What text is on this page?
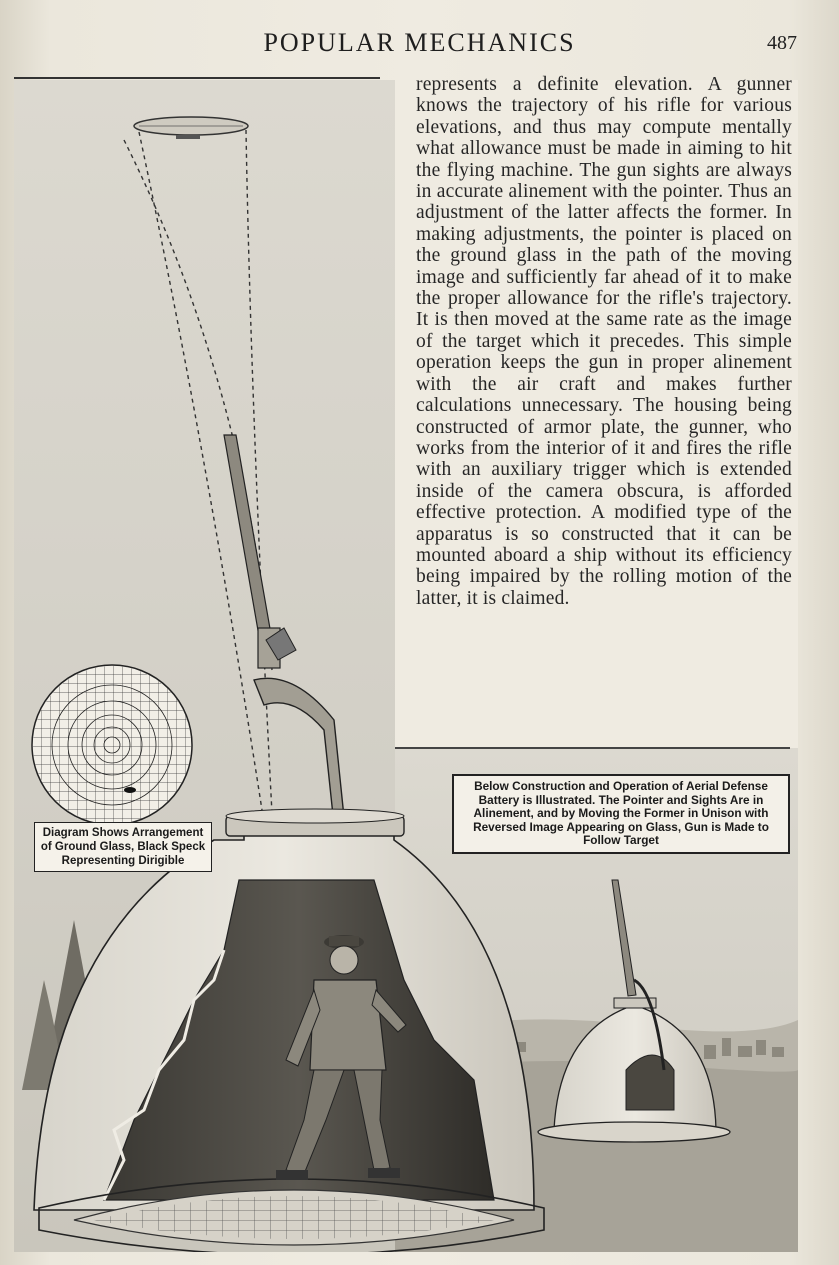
POPULAR MECHANICS	487
represents a definite elevation. A gunner knows the trajectory of his rifle for various elevations, and thus may compute mentally what allowance must be made in aiming to hit the flying machine. The gun sights are always in accurate alinement with the pointer. Thus an adjustment of the latter affects the former. In making adjustments, the pointer is placed on the ground glass in the path of the moving image and sufficiently far ahead of it to make the proper allowance for the rifle's trajectory. It is then moved at the same rate as the image of the target which it precedes. This simple operation keeps the gun in proper alinement with the air craft and makes further calculations unnecessary. The housing being constructed of armor plate, the gunner, who works from the interior of it and fires the rifle with an auxiliary trigger which is extended inside of the camera obscura, is afforded effective protection. A modified type of the apparatus is so constructed that it can be mounted aboard a ship without its efficiency being impaired by the rolling motion of the latter, it is claimed.
Below Construction and Operation of Aerial Defense Battery is Illustrated. The Pointer and Sights Are in Alinement, and by Moving the Former in Unison with Reversed Image Appearing on Glass, Gun is Made to Follow Target
Diagram Shows Arrangement of Ground Glass, Black Speck Representing Dirigible
